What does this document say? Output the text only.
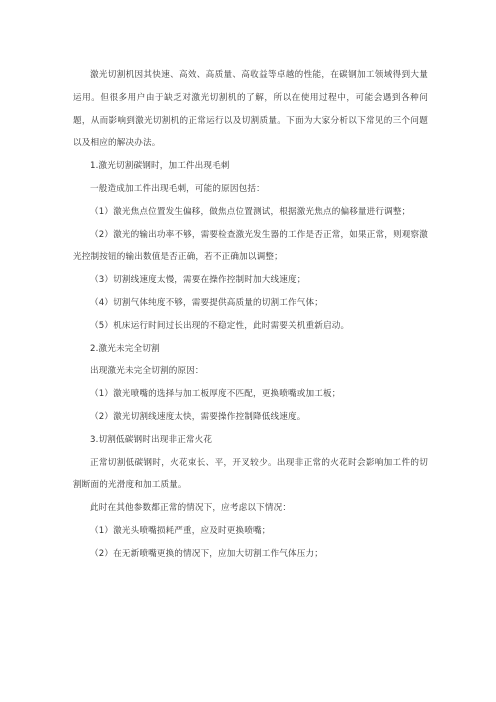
激光切割机因其快速、高效、高质量、高收益等卓越的性能，在碳钢加工领域得到大量运用。但很多用户由于缺乏对激光切割机的了解，所以在使用过程中，可能会遇到各种问题，从而影响到激光切割机的正常运行以及切割质量。下面为大家分析以下常见的三个问题以及相应的解决办法。

1.激光切割碳钢时，加工件出现毛刺

一般造成加工件出现毛刺，可能的原因包括：

（1）激光焦点位置发生偏移，做焦点位置测试，根据激光焦点的偏移量进行调整；

（2）激光的输出功率不够，需要检查激光发生器的工作是否正常，如果正常，则观察激光控制按钮的输出数值是否正确，若不正确加以调整；

（3）切割线速度太慢，需要在操作控制时加大线速度；

（4）切割气体纯度不够，需要提供高质量的切割工作气体；

（5）机床运行时间过长出现的不稳定性，此时需要关机重新启动。

2.激光未完全切割

出现激光未完全切割的原因：

（1）激光喷嘴的选择与加工板厚度不匹配，更换喷嘴或加工板；

（2）激光切割线速度太快，需要操作控制降低线速度。

3.切割低碳钢时出现非正常火花

正常切割低碳钢时，火花束长、平，开叉较少。出现非正常的火花时会影响加工件的切割断面的光滑度和加工质量。

此时在其他参数都正常的情况下，应考虑以下情况：

（1）激光头喷嘴损耗严重，应及时更换喷嘴；

（2）在无新喷嘴更换的情况下，应加大切割工作气体压力；
